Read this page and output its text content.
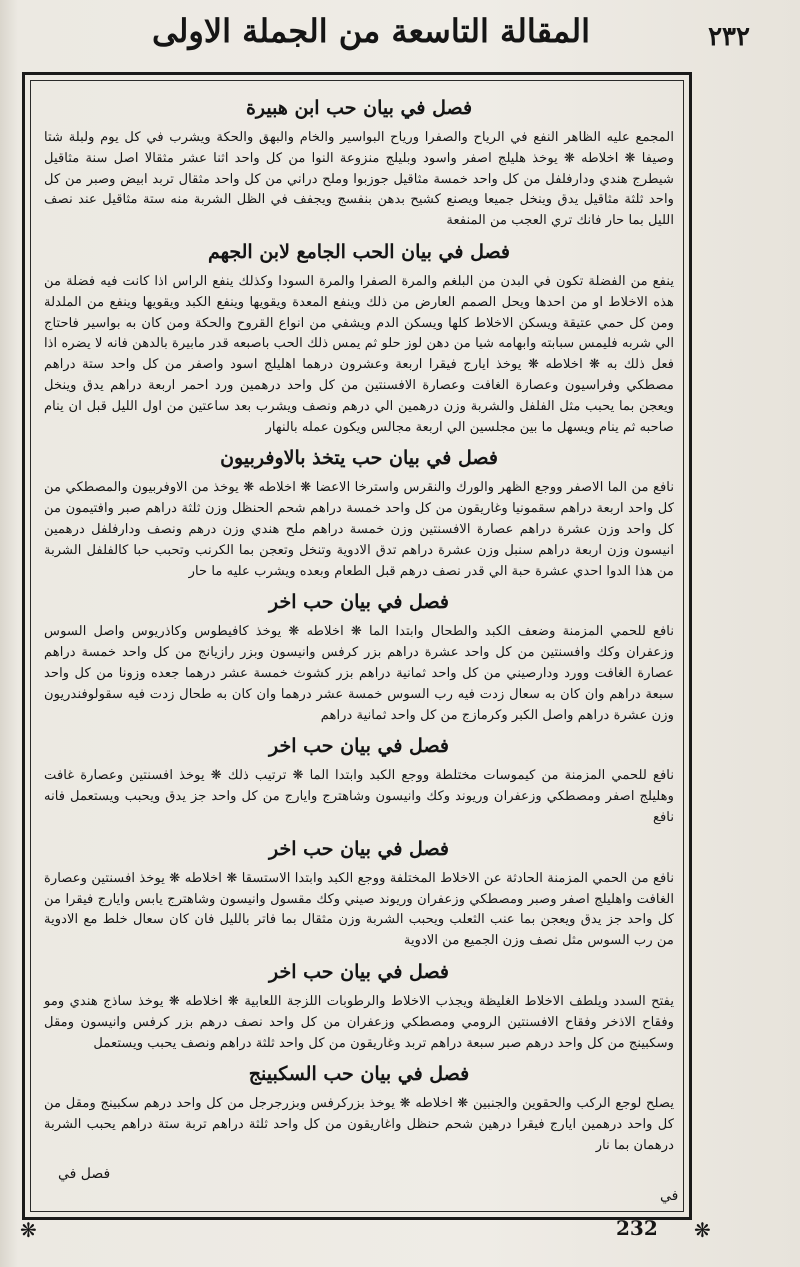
المقالة التاسعة من الجملة الاولى	٢٣٢
فصل في بيان حب ابن هبيرة

المجمع عليه الظاهر النفع في الرياح والصفرا ورياح البواسير والخام والبهق والحكة ويشرب في كل يوم ولبلة شتا وصيفا ❋ اخلاطه ❋ يوخذ هليلج اصفر واسود وبليلج منزوعة النوا من كل واحد اثنا عشر مثقالا اصل سنة مثاقيل شيطرج هندي ودارفلفل من كل واحد خمسة مثاقيل جوزبوا وملح دراني من كل واحد مثقال تربد ابيض وصبر من كل واحد ثلثة مثاقيل يدق وينخل جميعا ويصنع كشيح بدهن بنفسج ويجفف في الظل الشربة منه ستة مثاقيل عند نصف الليل بما حار فانك تري العجب من المنفعة

فصل في بيان الحب الجامع لابن الجهم

ينفع من الفضلة تكون في البدن من البلغم والمرة الصفرا والمرة السودا وكذلك ينفع الراس اذا كانت فيه فضلة من هذه الاخلاط او من احدها ويحل الصمم العارض من ذلك وينفع المعدة ويقويها وينفع الكبد ويقويها وينفع من الملدلة ومن كل حمي عتيقة ويسكن الاخلاط كلها ويسكن الدم ويشفي من انواع القروح والحكة ومن كان به بواسير فاحتاج الي شربه فليمس سبابته وابهامه شيا من دهن لوز حلو ثم يمس ذلك الحب باصبعه قدر مابيرة بالدهن فانه لا يضره اذا فعل ذلك به ❋ اخلاطه ❋ يوخذ ايارج فيقرا اربعة وعشرون درهما اهليلج اسود واصفر من كل واحد ستة دراهم مصطكي وفراسيون وعصارة الغافت وعصارة الافسنتين من كل واحد درهمين ورد احمر اربعة دراهم يدق وينخل ويعجن بما يحبب مثل الفلفل والشربة وزن درهمين الي درهم ونصف ويشرب بعد ساعتين من اول الليل قبل ان ينام صاحبه ثم ينام ويسهل ما بين مجلسين الي اربعة مجالس ويكون عمله بالنهار

فصل في بيان حب يتخذ بالاوفربيون

نافع من الما الاصفر ووجع الظهر والورك والنقرس واسترخا الاعضا ❋ اخلاطه ❋ يوخذ من الاوفربيون والمصطكي من كل واحد اربعة دراهم سقمونيا وغاريقون من كل واحد خمسة دراهم شحم الحنظل وزن ثلثة دراهم صبر وافتيمون من كل واحد وزن عشرة دراهم عصارة الافسنتين وزن خمسة دراهم ملح هندي وزن درهم ونصف ودارفلفل درهمين انيسون وزن اربعة دراهم سنبل وزن عشرة دراهم تدق الادوية وتنخل وتعجن بما الكرنب وتحبب حبا كالفلفل الشربة من هذا الدوا احدي عشرة حبة الي قدر نصف درهم قبل الطعام وبعده ويشرب عليه ما حار

فصل في بيان حب اخر

نافع للحمي المزمنة وضعف الكبد والطحال وابتدا الما ❋ اخلاطه ❋ يوخذ كافيطوس وكاذريوس واصل السوس وزعفران وكك وافسنتين من كل واحد عشرة دراهم بزر كرفس وانيسون وبزر رازيانج من كل واحد خمسة دراهم عصارة الغافت وورد ودارصيني من كل واحد ثمانية دراهم بزر كشوث خمسة عشر درهما جعده وزونا من كل واحد سبعة دراهم وان كان به سعال زدت فيه رب السوس خمسة عشر درهما وان كان به طحال زدت فيه سقولوفندريون وزن عشرة دراهم واصل الكبر وكرمازج من كل واحد ثمانية دراهم

فصل في بيان حب اخر

نافع للحمي المزمنة من كيموسات مختلطة ووجع الكبد وابتدا الما ❋ ترتيب ذلك ❋ يوخذ افسنتين وعصارة غافت وهليلج اصفر ومصطكي وزعفران وريوند وكك وانيسون وشاهترج وايارج من كل واحد جز يدق ويحبب ويستعمل فانه نافع

فصل في بيان حب اخر

نافع من الحمي المزمنة الحادثة عن الاخلاط المختلفة ووجع الكبد وابتدا الاستسقا ❋ اخلاطه ❋ يوخذ افسنتين وعصارة الغافت واهليلج اصفر وصبر ومصطكي وزعفران وريوند صيني وكك مقسول وانيسون وشاهترج يابس وايارج فيقرا من كل واحد جز يدق ويعجن بما عنب الثعلب ويحبب الشربة وزن مثقال بما فاتر بالليل فان كان سعال خلط مع الادوية من رب السوس مثل نصف وزن الجميع من الادوية

فصل في بيان حب اخر

يفتح السدد ويلطف الاخلاط الغليظة ويجذب الاخلاط والرطوبات اللزجة اللعابية ❋ اخلاطه ❋ يوخذ ساذج هندي ومو وفقاح الاذخر وفقاح الافسنتين الرومي ومصطكي وزعفران من كل واحد نصف درهم بزر كرفس وانيسون ومقل وسكبينج من كل واحد درهم صبر سبعة دراهم تربد وغاريقون من كل واحد ثلثة دراهم ونصف يحبب ويستعمل

فصل في بيان حب السكبينج

يصلح لوجع الركب والحقوين والجنبين ❋ اخلاطه ❋ يوخذ بزركرفس وبزرجرجل من كل واحد درهم سكبينج ومقل من كل واحد درهمين ايارج فيقرا درهين شحم حنظل واغاريقون من كل واحد ثلثة دراهم تربة ستة دراهم يحبب الشربة درهمان بما نار

فصل في
في
❋	❋
232
